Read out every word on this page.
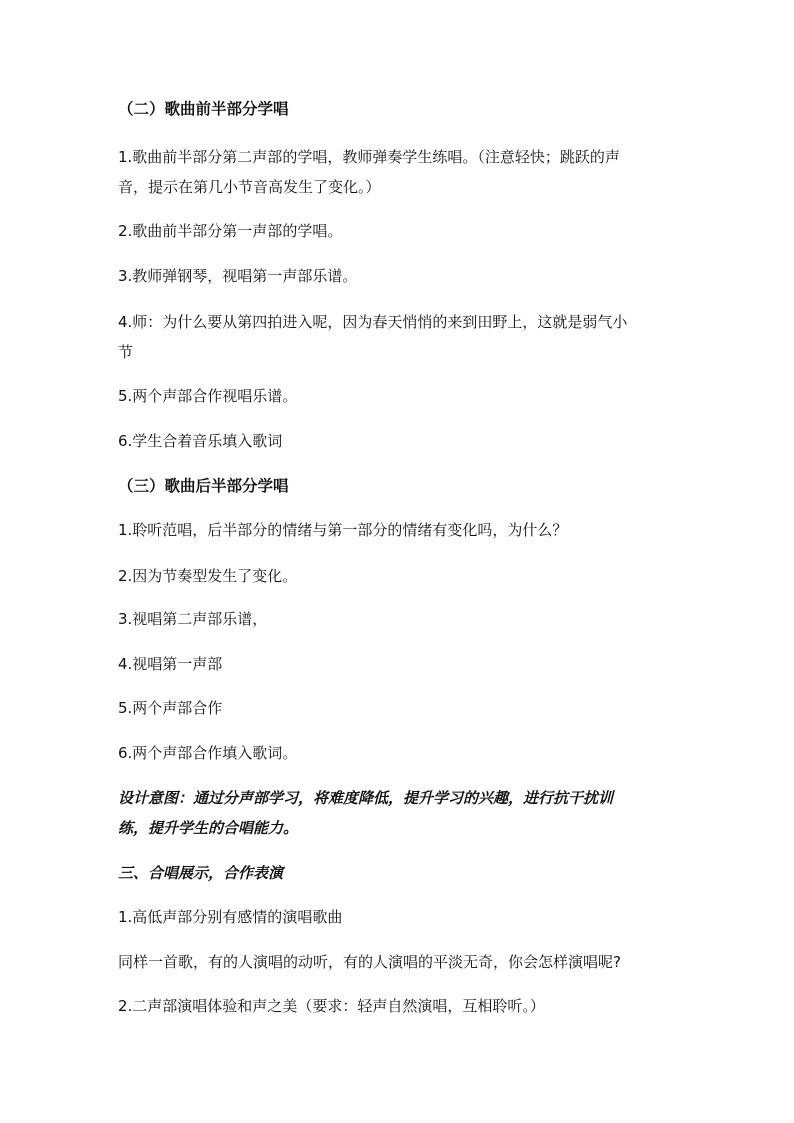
（二）歌曲前半部分学唱

1.歌曲前半部分第二声部的学唱，教师弹奏学生练唱。（注意轻快；跳跃的声

音，提示在第几小节音高发生了变化。）

2.歌曲前半部分第一声部的学唱。

3.教师弹钢琴，视唱第一声部乐谱。

4.师：为什么要从第四拍进入呢，因为春天悄悄的来到田野上，这就是弱气小

节

5.两个声部合作视唱乐谱。

6.学生合着音乐填入歌词

（三）歌曲后半部分学唱

1.聆听范唱，后半部分的情绪与第一部分的情绪有变化吗，为什么？

2.因为节奏型发生了变化。

3.视唱第二声部乐谱，

4.视唱第一声部

5.两个声部合作

6.两个声部合作填入歌词。

设计意图：通过分声部学习，将难度降低，提升学习的兴趣，进行抗干扰训

练，提升学生的合唱能力。

三、合唱展示，合作表演

1.高低声部分别有感情的演唱歌曲

同样一首歌，有的人演唱的动听，有的人演唱的平淡无奇，你会怎样演唱呢?

2.二声部演唱体验和声之美（要求：轻声自然演唱，互相聆听。）
